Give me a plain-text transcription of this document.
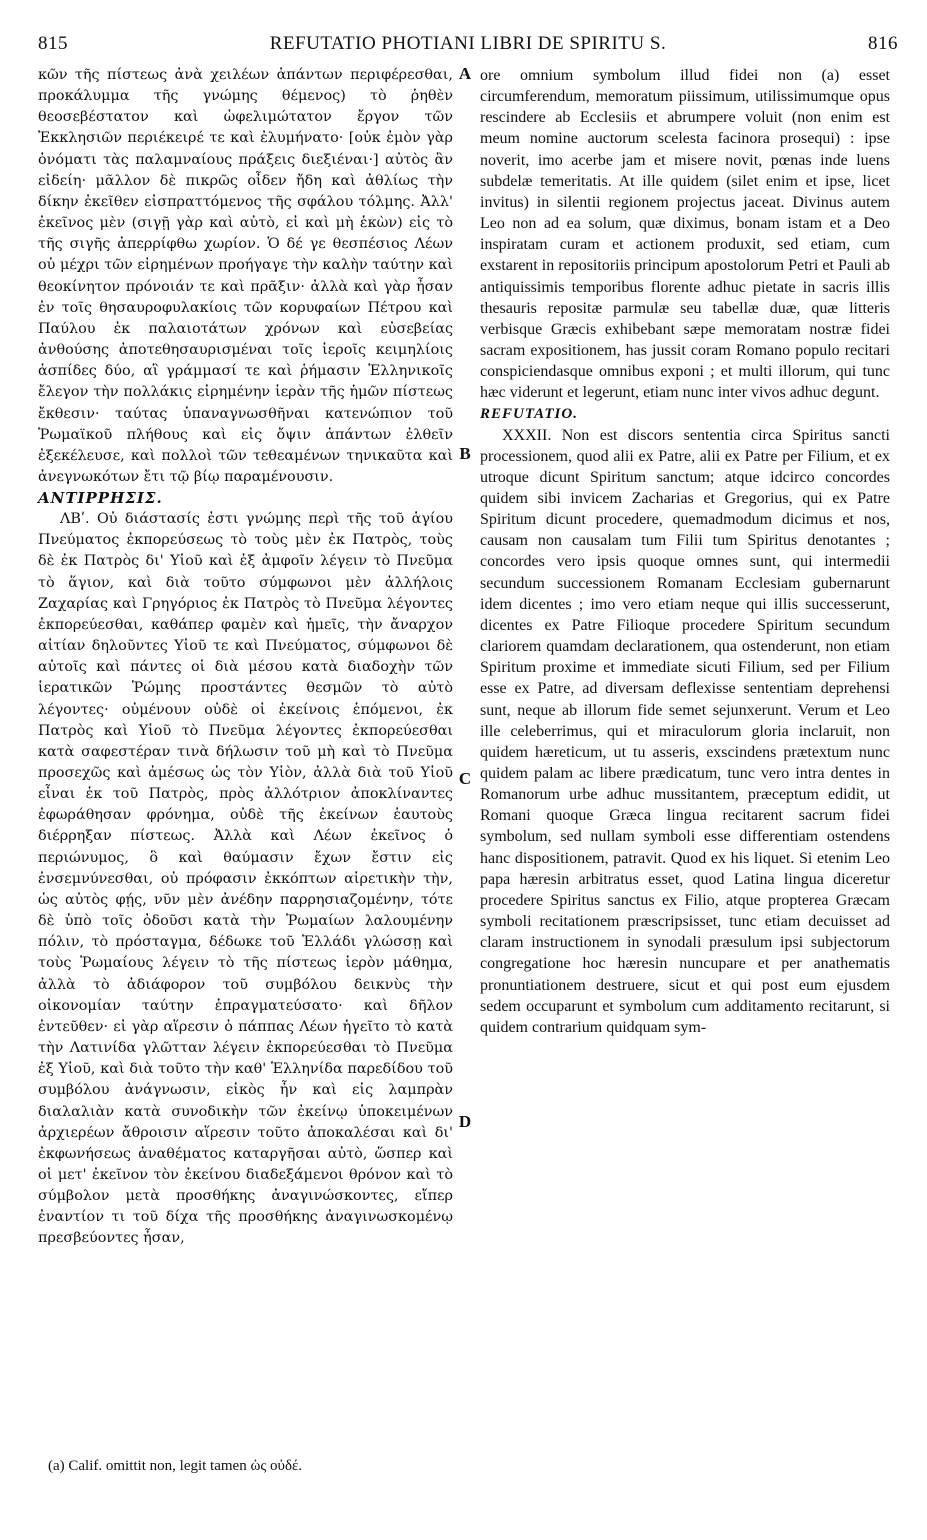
815	REFUTATIO PHOTIANI LIBRI DE SPIRITU S.	816

κῶν τῆς πίστεως ἀνὰ χειλέων ἁπάντων περιφέρεσθαι, προκάλυμμα τῆς γνώμης θέμενος) τὸ ῥηθὲν θεοσεβέστατον καὶ ὠφελιμώτατον ἔργον τῶν Ἐκκλησιῶν περιέκειρέ τε καὶ ἐλυμήνατο· [οὐκ ἐμὸν γὰρ ὀνόματι τὰς παλαμναίους πράξεις διεξιέναι·] αὐτὸς ἂν εἰδείη· μᾶλλον δὲ πικρῶς οἶδεν ἤδη καὶ ἀθλίως τὴν δίκην ἐκεῖθεν εἰσπραττόμενος τῆς σφάλου τόλμης. Ἀλλ' ἐκεῖνος μὲν (σιγῇ γὰρ καὶ αὐτὸ, εἰ καὶ μὴ ἑκὼν) εἰς τὸ τῆς σιγῆς ἀπερρίφθω χωρίον. Ὁ δέ γε θεσπέσιος Λέων οὐ μέχρι τῶν εἰρημένων προήγαγε τὴν καλὴν ταύτην καὶ θεοκίνητον πρόνοιάν τε καὶ πρᾶξιν· ἀλλὰ καὶ γὰρ ἦσαν ἐν τοῖς θησαυροφυλακίοις τῶν κορυφαίων Πέτρου καὶ Παύλου ἐκ παλαιοτάτων χρόνων καὶ εὐσεβείας ἀνθούσης ἀποτεθησαυρισμέναι τοῖς ἱεροῖς κειμηλίοις ἀσπίδες δύο, αἳ γράμμασί τε καὶ ῥήμασιν Ἑλληνικοῖς ἔλεγον τὴν πολλάκις εἰρημένην ἱερὰν τῆς ἡμῶν πίστεως ἔκθεσιν· ταύτας ὑπαναγνωσθῆναι κατενώπιον τοῦ Ῥωμαϊκοῦ πλήθους καὶ εἰς ὄψιν ἁπάντων ἐλθεῖν ἐξεκέλευσε, καὶ πολλοὶ τῶν τεθεαμένων τηνικαῦτα καὶ ἀνεγνωκότων ἔτι τῷ βίῳ παραμένουσιν.

ΑΝΤΙΡΡΗΣΙΣ.

ΛΒʹ. Οὐ διάστασίς ἐστι γνώμης περὶ τῆς τοῦ ἁγίου Πνεύματος ἐκπορεύσεως τὸ τοὺς μὲν ἐκ Πατρὸς, τοὺς δὲ ἐκ Πατρὸς δι' Υἱοῦ καὶ ἐξ ἀμφοῖν λέγειν τὸ Πνεῦμα τὸ ἅγιον, καὶ διὰ τοῦτο σύμφωνοι μὲν ἀλλήλοις Ζαχαρίας καὶ Γρηγόριος ἐκ Πατρὸς τὸ Πνεῦμα λέγοντες ἐκπορεύεσθαι, καθάπερ φαμὲν καὶ ἡμεῖς, τὴν ἄναρχον αἰτίαν δηλοῦντες Υἱοῦ τε καὶ Πνεύματος, σύμφωνοι δὲ αὐτοῖς καὶ πάντες οἱ διὰ μέσου κατὰ διαδοχὴν τῶν ἱερατικῶν Ῥώμης προστάντες θεσμῶν τὸ αὐτὸ λέγοντες· οὐμένουν οὐδὲ οἱ ἐκείνοις ἑπόμενοι, ἐκ Πατρὸς καὶ Υἱοῦ τὸ Πνεῦμα λέγοντες ἐκπορεύεσθαι κατὰ σαφεστέραν τινὰ δήλωσιν τοῦ μὴ καὶ τὸ Πνεῦμα προσεχῶς καὶ ἀμέσως ὡς τὸν Υἱὸν, ἀλλὰ διὰ τοῦ Υἱοῦ εἶναι ἐκ τοῦ Πατρὸς, πρὸς ἀλλότριον ἀποκλίναντες ἐφωράθησαν φρόνημα, οὐδὲ τῆς ἐκείνων ἑαυτοὺς διέρρηξαν πίστεως. Ἀλλὰ καὶ Λέων ἐκεῖνος ὁ περιώνυμος, ὃ καὶ θαύμασιν ἔχων ἔστιν εἰς ἐνσεμνύνεσθαι, οὐ πρόφασιν ἐκκόπτων αἱρετικὴν τὴν, ὡς αὐτὸς φῄς, νῦν μὲν ἀνέδην παρρησιαζομένην, τότε δὲ ὑπὸ τοῖς ὀδοῦσι κατὰ τὴν Ῥωμαίων λαλουμένην πόλιν, τὸ πρόσταγμα, δέδωκε τοῦ Ἑλλάδι γλώσσῃ καὶ τοὺς Ῥωμαίους λέγειν τὸ τῆς πίστεως ἱερὸν μάθημα, ἀλλὰ τὸ ἀδιάφορον τοῦ συμβόλου δεικνὺς τὴν οἰκονομίαν ταύτην ἐπραγματεύσατο· καὶ δῆλον ἐντεῦθεν· εἰ γὰρ αἵρεσιν ὁ πάππας Λέων ἡγεῖτο τὸ κατὰ τὴν Λατινίδα γλῶτταν λέγειν ἐκπορεύεσθαι τὸ Πνεῦμα ἐξ Υἱοῦ, καὶ διὰ τοῦτο τὴν καθ' Ἑλληνίδα παρεδίδου τοῦ συμβόλου ἀνάγνωσιν, εἰκὸς ἦν καὶ εἰς λαμπρὰν διαλαλιὰν κατὰ συνοδικὴν τῶν ἐκείνῳ ὑποκειμένων ἀρχιερέων ἄθροισιν αἵρεσιν τοῦτο ἀποκαλέσαι καὶ δι' ἐκφωνήσεως ἀναθέματος καταργῆσαι αὐτὸ, ὥσπερ καὶ οἱ μετ' ἐκεῖνον τὸν ἐκείνου διαδεξάμενοι θρόνον καὶ τὸ σύμβολον μετὰ προσθήκης ἀναγινώσκοντες, εἴπερ ἐναντίον τι τοῦ δίχα τῆς προσθήκης ἀναγινωσκομένῳ πρεσβεύοντες ἦσαν,

A
B
C
D

ore omnium symbolum illud fidei non (a) esset circumferendum, memoratum piissimum, utilissimumque opus rescindere ab Ecclesiis et abrumpere voluit (non enim est meum nomine auctorum scelesta facinora prosequi) : ipse noverit, imo acerbe jam et misere novit, pœnas inde luens subdelæ temeritatis. At ille quidem (silet enim et ipse, licet invitus) in silentii regionem projectus jaceat. Divinus autem Leo non ad ea solum, quæ diximus, bonam istam et a Deo inspiratam curam et actionem produxit, sed etiam, cum exstarent in repositoriis principum apostolorum Petri et Pauli ab antiquissimis temporibus florente adhuc pietate in sacris illis thesauris repositæ parmulæ seu tabellæ duæ, quæ litteris verbisque Græcis exhibebant sæpe memoratam nostræ fidei sacram expositionem, has jussit coram Romano populo recitari conspiciendasque omnibus exponi ; et multi illorum, qui tunc hæc viderunt et legerunt, etiam nunc inter vivos adhuc degunt.

REFUTATIO.

XXXII. Non est discors sententia circa Spiritus sancti processionem, quod alii ex Patre, alii ex Patre per Filium, et ex utroque dicunt Spiritum sanctum; atque idcirco concordes quidem sibi invicem Zacharias et Gregorius, qui ex Patre Spiritum dicunt procedere, quemadmodum dicimus et nos, causam non causalam tum Filii tum Spiritus denotantes ; concordes vero ipsis quoque omnes sunt, qui intermedii secundum successionem Romanam Ecclesiam gubernarunt idem dicentes ; imo vero etiam neque qui illis successerunt, dicentes ex Patre Filioque procedere Spiritum secundum clariorem quamdam declarationem, qua ostenderunt, non etiam Spiritum proxime et immediate sicuti Filium, sed per Filium esse ex Patre, ad diversam deflexisse sententiam deprehensi sunt, neque ab illorum fide semet sejunxerunt. Verum et Leo ille celeberrimus, qui et miraculorum gloria inclaruit, non quidem hæreticum, ut tu asseris, exscindens prætextum nunc quidem palam ac libere prædicatum, tunc vero intra dentes in Romanorum urbe adhuc mussitantem, præceptum edidit, ut Romani quoque Græca lingua recitarent sacrum fidei symbolum, sed nullam symboli esse differentiam ostendens hanc dispositionem, patravit. Quod ex his liquet. Si etenim Leo papa hæresin arbitratus esset, quod Latina lingua diceretur procedere Spiritus sanctus ex Filio, atque propterea Græcam symboli recitationem præscripsisset, tunc etiam decuisset ad claram instructionem in synodali præsulum ipsi subjectorum congregatione hoc hæresin nuncupare et per anathematis pronuntiationem destruere, sicut et qui post eum ejusdem sedem occuparunt et symbolum cum additamento recitarunt, si quidem contrarium quidquam sym-

(a) Calif. omittit non, legit tamen ὡς οὐδέ.
